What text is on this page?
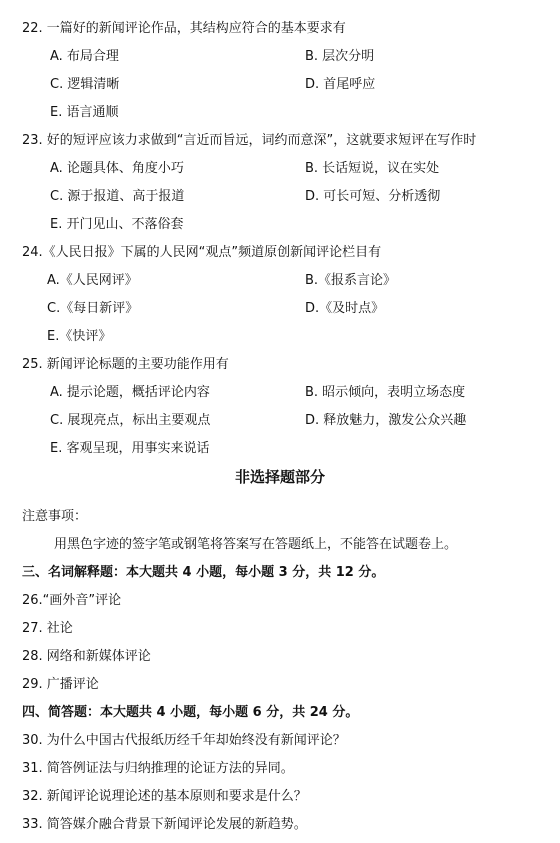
22. 一篇好的新闻评论作品，其结构应符合的基本要求有
A. 布局合理	B. 层次分明
C. 逻辑清晰	D. 首尾呼应
E. 语言通顺
23. 好的短评应该力求做到“言近而旨远，词约而意深”，这就要求短评在写作时
A. 论题具体、角度小巧	B. 长话短说，议在实处
C. 源于报道、高于报道	D. 可长可短、分析透彻
E. 开门见山、不落俗套
24.《人民日报》下属的人民网“观点”频道原创新闻评论栏目有
A.《人民网评》	B.《报系言论》
C.《每日新评》	D.《及时点》
E.《快评》
25. 新闻评论标题的主要功能作用有
A. 提示论题，概括评论内容	B. 昭示倾向，表明立场态度
C. 展现亮点，标出主要观点	D. 释放魅力，激发公众兴趣
E. 客观呈现，用事实来说话
非选择题部分
注意事项：
用黑色字迹的签字笔或钢笔将答案写在答题纸上，不能答在试题卷上。
三、名词解释题：本大题共 4 小题，每小题 3 分，共 12 分。
26.“画外音”评论
27. 社论
28. 网络和新媒体评论
29. 广播评论
四、简答题：本大题共 4 小题，每小题 6 分，共 24 分。
30. 为什么中国古代报纸历经千年却始终没有新闻评论？
31. 简答例证法与归纳推理的论证方法的异同。
32. 新闻评论说理论述的基本原则和要求是什么？
33. 简答媒介融合背景下新闻评论发展的新趋势。
